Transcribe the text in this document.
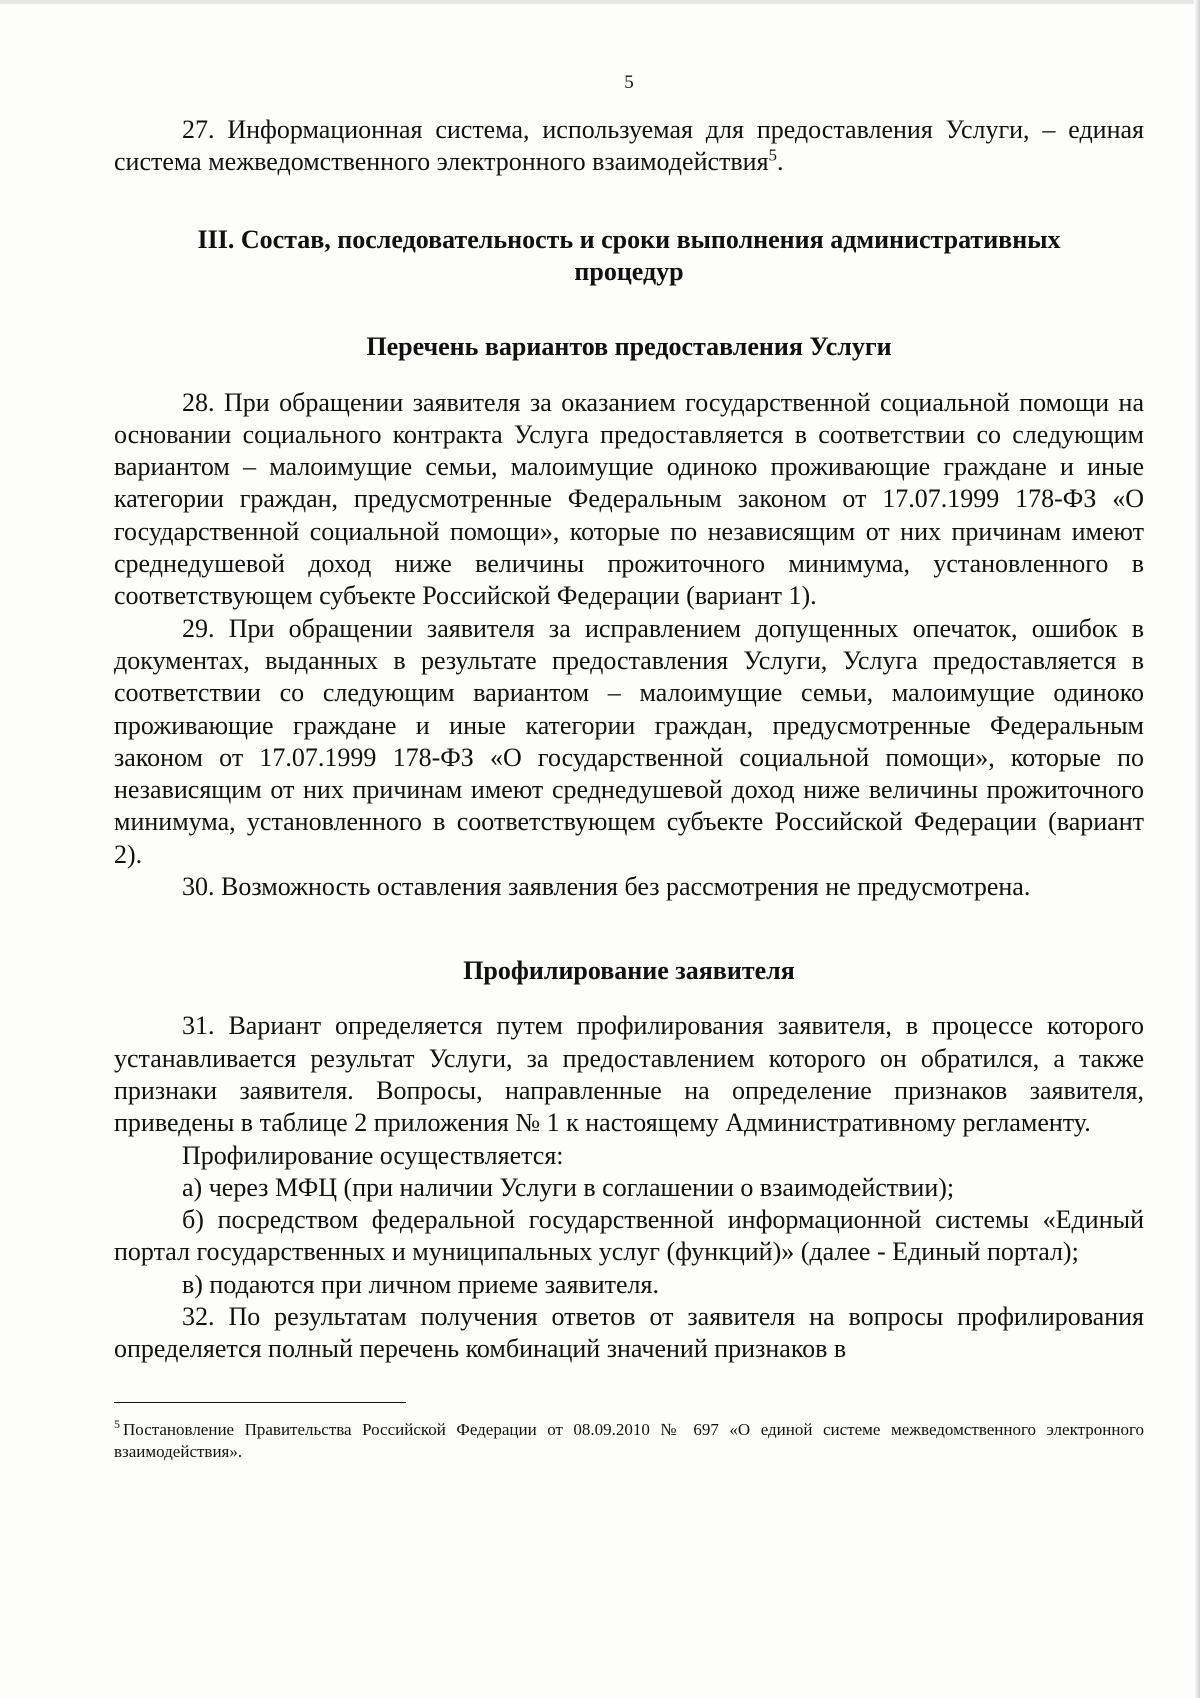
5

27. Информационная система, используемая для предоставления Услуги, – единая система межведомственного электронного взаимодействия$^5$.

III. Состав, последовательность и сроки выполнения административных
процедур
Перечень вариантов предоставления Услуги

28. При обращении заявителя за оказанием государственной социальной помощи на основании социального контракта Услуга предоставляется в соответствии со следующим вариантом – малоимущие семьи, малоимущие одиноко проживающие граждане и иные категории граждан, предусмотренные Федеральным законом от 17.07.1999 178-ФЗ «О государственной социальной помощи», которые по независящим от них причинам имеют среднедушевой доход ниже величины прожиточного минимума, установленного в соответствующем субъекте Российской Федерации (вариант 1).

29. При обращении заявителя за исправлением допущенных опечаток, ошибок в документах, выданных в результате предоставления Услуги, Услуга предоставляется в соответствии со следующим вариантом – малоимущие семьи, малоимущие одиноко проживающие граждане и иные категории граждан, предусмотренные Федеральным законом от 17.07.1999 178-ФЗ «О государственной социальной помощи», которые по независящим от них причинам имеют среднедушевой доход ниже величины прожиточного минимума, установленного в соответствующем субъекте Российской Федерации (вариант 2).

30. Возможность оставления заявления без рассмотрения не предусмотрена.

Профилирование заявителя

31. Вариант определяется путем профилирования заявителя, в процессе которого устанавливается результат Услуги, за предоставлением которого он обратился, а также признаки заявителя. Вопросы, направленные на определение признаков заявителя, приведены в таблице 2 приложения № 1 к настоящему Административному регламенту.

Профилирование осуществляется:

а) через МФЦ (при наличии Услуги в соглашении о взаимодействии);

б) посредством федеральной государственной информационной системы «Единый портал государственных и муниципальных услуг (функций)» (далее - Единый портал);

в) подаются при личном приеме заявителя.

32. По результатам получения ответов от заявителя на вопросы профилирования определяется полный перечень комбинаций значений признаков в

$^5$ Постановление Правительства Российской Федерации от 08.09.2010 № 697 «О единой системе межведомственного электронного взаимодействия».
